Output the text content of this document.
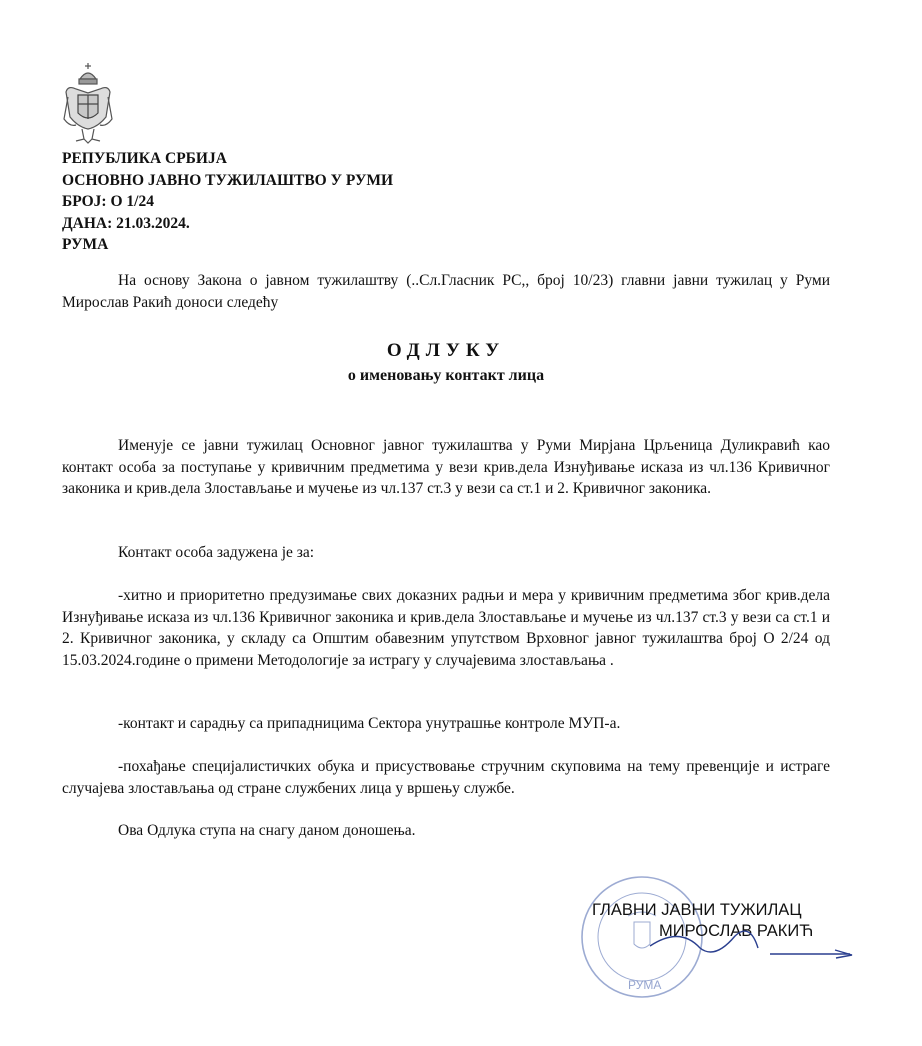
РЕПУБЛИКА СРБИЈА
ОСНОВНО ЈАВНО ТУЖИЛАШТВО У РУМИ
БРОЈ: О 1/24
ДАНА: 21.03.2024.
РУМА

На основу Закона о јавном тужилаштву (..Сл.Гласник РС,, број 10/23) главни јавни тужилац у Руми Мирослав Ракић доноси следећу

ОДЛУКУ
о именовању контакт лица

Именује се јавни тужилац Основног јавног тужилаштва у Руми Мирјана Црљеница Дуликравић као контакт особа за поступање у кривичним предметима у вези крив.дела Изнуђивање исказа из чл.136 Кривичног законика и крив.дела Злостављање и мучење из чл.137 ст.3 у вези са ст.1 и 2. Кривичног законика.

Контакт особа задужена је за:

-хитно и приоритетно предузимање свих доказних радњи и мера у кривичним предметима због крив.дела Изнуђивање исказа из чл.136 Кривичног законика и крив.дела Злостављање и мучење из чл.137 ст.3 у вези са ст.1 и 2. Кривичног законика, у складу са Општим обавезним упутством Врховног јавног тужилаштва број О 2/24 од 15.03.2024.године о примени Методологије за истрагу у случајевима злостављања .

-контакт и сарадњу са припадницима Сектора унутрашње контроле МУП-а.

-похађање специјалистичких обука и присуствовање стручним скуповима на тему превенције и истраге случајева злостављања од стране службених лица у вршењу службе.

Ова Одлука ступа на снагу даном доношења.

РУМА
ГЛАВНИ ЈАВНИ ТУЖИЛАЦ
МИРОСЛАВ РАКИЋ
